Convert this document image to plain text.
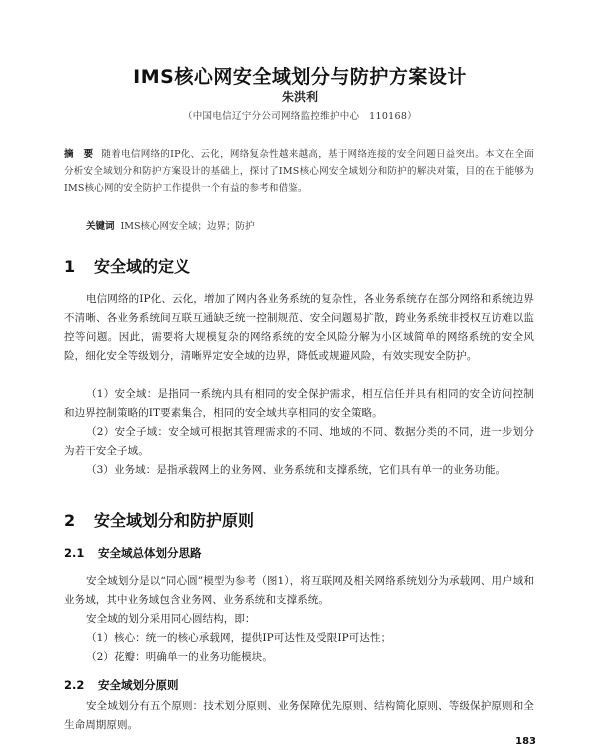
IMS核心网安全域划分与防护方案设计
朱洪利
（中国电信辽宁分公司网络监控维护中心　110168）
摘　要 随着电信网络的IP化、云化，网络复杂性越来越高，基于网络连接的安全问题日益突出。本文在全面分析安全域划分和防护方案设计的基础上，探讨了IMS核心网安全域划分和防护的解决对策，目的在于能够为IMS核心网的安全防护工作提供一个有益的参考和借鉴。
关键词 IMS核心网安全域；边界；防护
1 安全域的定义

电信网络的IP化、云化，增加了网内各业务系统的复杂性，各业务系统存在部分网络和系统边界不清晰、各业务系统间互联互通缺乏统一控制规范、安全问题易扩散，跨业务系统非授权互访难以监控等问题。因此，需要将大规模复杂的网络系统的安全风险分解为小区域简单的网络系统的安全风险，细化安全等级划分，清晰界定安全域的边界，降低或规避风险，有效实现安全防护。

（1）安全域：是指同一系统内具有相同的安全保护需求，相互信任并具有相同的安全访问控制和边界控制策略的IT要素集合，相同的安全域共享相同的安全策略。

（2）安全子域：安全域可根据其管理需求的不同、地域的不同、数据分类的不同，进一步划分为若干安全子域。

（3）业务域：是指承载网上的业务网、业务系统和支撑系统，它们具有单一的业务功能。

2 安全域划分和防护原则
2.1 安全域总体划分思路

安全域划分是以“同心圆”模型为参考（图1），将互联网及相关网络系统划分为承载网、用户域和业务域，其中业务域包含业务网、业务系统和支撑系统。

安全域的划分采用同心圆结构，即：

（1）核心：统一的核心承载网，提供IP可达性及受限IP可达性；

（2）花瓣：明确单一的业务功能模块。

2.2 安全域划分原则

安全域划分有五个原则：技术划分原则、业务保障优先原则、结构简化原则、等级保护原则和全生命周期原则。

183
